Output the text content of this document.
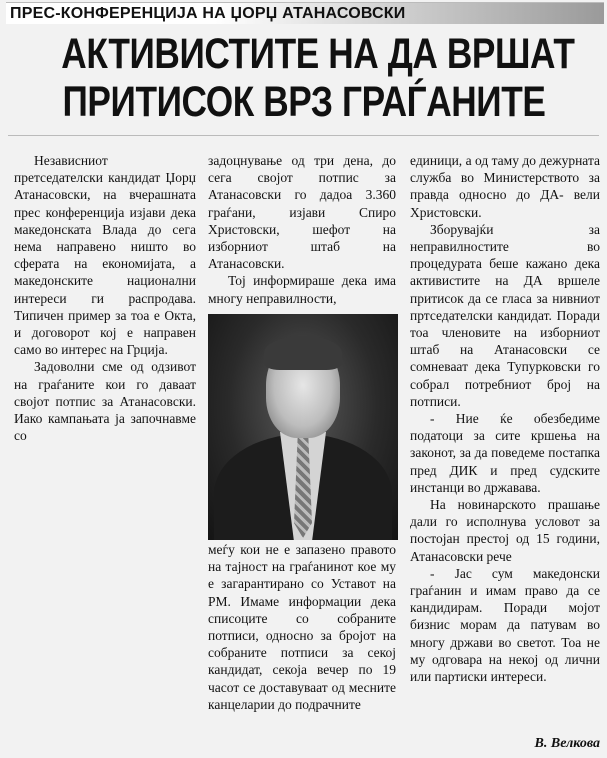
ПРЕС-КОНФЕРЕНЦИЈА НА ЏОРЏ АТАНАСОВСКИ
АКТИВИСТИТЕ НА ДА ВРШАТ
ПРИТИСОК ВРЗ ГРАЃАНИТЕ

Независниот претседателски кандидат Џорџ Атанасовски, на вчерашната прес конференција изјави дека македонската Влада до сега нема направено ништо во сферата на економијата, а македонските национални интереси ги распродава. Типичен пример за тоа е Окта, и договорот кој е направен само во интерес на Грција.

Задоволни сме од одзивот на граѓаните кои го даваат својот потпис за Атанасовски. Иако кампањата ја започнавме со

задоцнување од три дена, до сега својот потпис за Атанасовски го дадоа 3.360 граѓани, изјави Спиро Христовски, шефот на изборниот штаб на Атанасовски.

Тој информираше дека има многу неправилности,

меѓу кои не е запазено правото на тајност на граѓанинот кое му е загарантирано со Уставот на РМ. Имаме информации дека списоците со собраните потписи, односно за бројот на собраните потписи за секој кандидат, секоја вечер по 19 часот се доставуваат од месните канцеларии до подрачните

единици, а од таму до дежурната служба во Министерството за правда односно до ДА- вели Христовски.

Зборувајќи за неправилностите во процедурата беше кажано дека активистите на ДА вршеле притисок да се гласа за нивниот пртседателски кандидат. Поради тоа членовите на изборниот штаб на Атанасовски се сомневаат дека Тупурковски го собрал потребниот број на потписи.

- Ние ќе обезбедиме податоци за сите кршења на законот, за да поведеме постапка пред ДИК и пред судските инстанци во државава.

На новинарското прашање дали го исполнува условот за постојан престој од 15 години, Атанасовски рече

- Јас сум македонски граѓанин и имам право да се кандидирам. Поради мојот бизнис морам да патувам во многу држави во светот. Тоа не му одговара на некој од лични или партиски интереси.

В. Велкова
